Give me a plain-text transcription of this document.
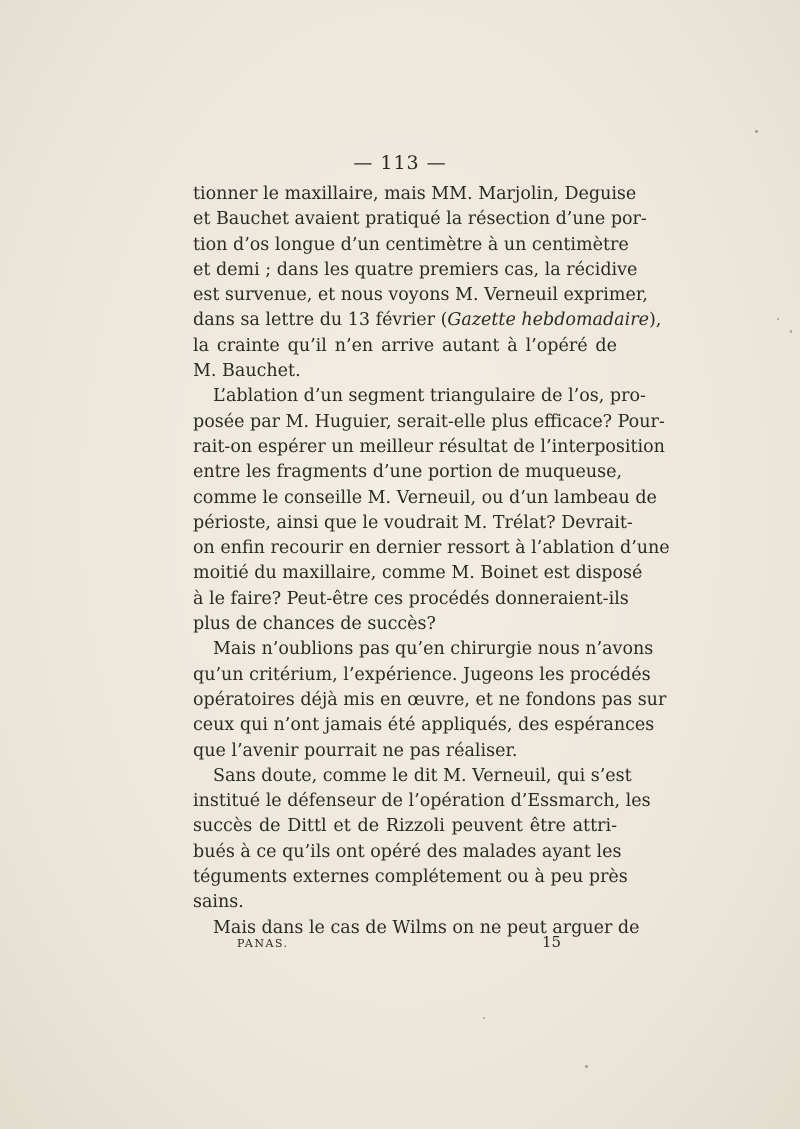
— 113 —
tionner le maxillaire, mais MM. Marjolin, Deguise
et Bauchet avaient pratiqué la résection d’une por-
tion d’os longue d’un centimètre à un centimètre
et demi ; dans les quatre premiers cas, la récidive
est survenue, et nous voyons M. Verneuil exprimer,
dans sa lettre du 13 février (Gazette hebdomadaire),
la crainte qu’il n’en arrive autant à l’opéré de
M. Bauchet.
L’ablation d’un segment triangulaire de l’os, pro-
posée par M. Huguier, serait-elle plus efficace? Pour-
rait-on espérer un meilleur résultat de l’interposition
entre les fragments d’une portion de muqueuse,
comme le conseille M. Verneuil, ou d’un lambeau de
périoste, ainsi que le voudrait M. Trélat? Devrait-
on enfin recourir en dernier ressort à l’ablation d’une
moitié du maxillaire, comme M. Boinet est disposé
à le faire? Peut-être ces procédés donneraient-ils
plus de chances de succès?
Mais n’oublions pas qu’en chirurgie nous n’avons
qu’un critérium, l’expérience. Jugeons les procédés
opératoires déjà mis en œuvre, et ne fondons pas sur
ceux qui n’ont jamais été appliqués, des espérances
que l’avenir pourrait ne pas réaliser.
Sans doute, comme le dit M. Verneuil, qui s’est
institué le défenseur de l’opération d’Essmarch, les
succès de Dittl et de Rizzoli peuvent être attri-
bués à ce qu’ils ont opéré des malades ayant les
téguments externes complétement ou à peu près
sains.
Mais dans le cas de Wilms on ne peut arguer de
PANAS.	15
